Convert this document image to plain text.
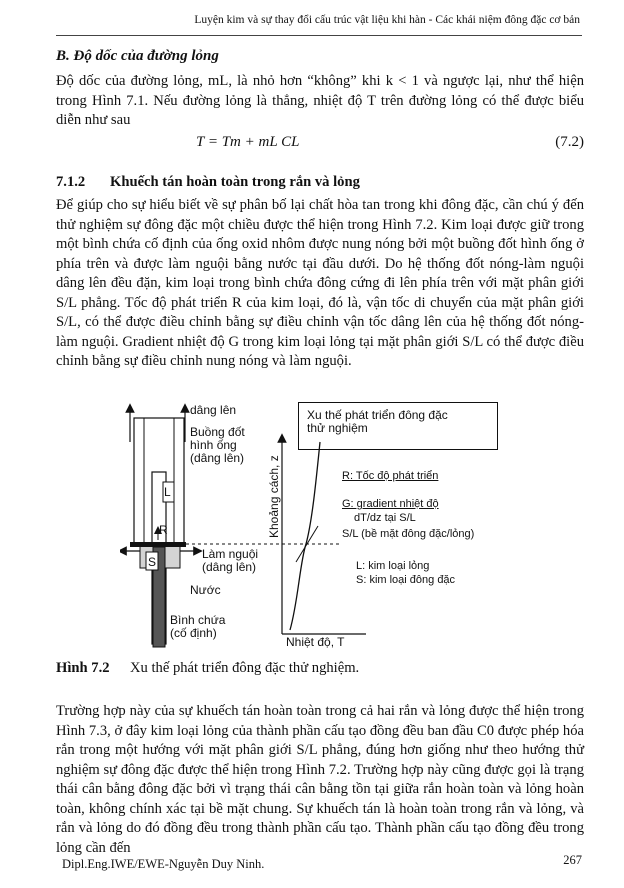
Luyện kim và sự thay đổi cấu trúc vật liệu khi hàn - Các khái niệm đông đặc cơ bản
B. Độ dốc của đường lỏng

Độ dốc của đường lỏng, mL, là nhỏ hơn “không” khi k < 1 và ngược lại, như thể hiện trong Hình 7.1. Nếu đường lỏng là thẳng, nhiệt độ T trên đường lỏng có thể được biểu diễn như sau

T = Tm + mL CL	(7.2)
7.1.2 Khuếch tán hoàn toàn trong rắn và lỏng

Để giúp cho sự hiểu biết về sự phân bố lại chất hòa tan trong khi đông đặc, cần chú ý đến thử nghiệm sự đông đặc một chiều được thể hiện trong Hình 7.2. Kim loại được giữ trong một bình chứa cố định của ống oxid nhôm được nung nóng bởi một buồng đốt hình ống ở phía trên và được làm nguội bằng nước tại đầu dưới. Do hệ thống đốt nóng-làm nguội dâng lên đều đặn, kim loại trong bình chứa đông cứng đi lên phía trên với mặt phân giới S/L phẳng. Tốc độ phát triển R của kim loại, đó là, vận tốc di chuyển của mặt phân giới S/L, có thể được điều chỉnh bằng sự điều chỉnh vận tốc dâng lên của hệ thống đốt nóng-làm nguội. Gradient nhiệt độ G trong kim loại lỏng tại mặt phân giới S/L có thể được điều chỉnh bằng sự điều chỉnh nung nóng và làm nguội.

dâng lên
Buồng đốt
hình ống
(dâng lên)
Xu thế phát triển đông đặc
thử nghiệm
L
R
S
Làm nguội
(dâng lên)
Nước
Bình chứa
(cố định)
Khoảng cách, z
Nhiệt độ, T
R: Tốc độ phát triển
G: gradient nhiệt độ
dT/dz tại S/L
S/L (bề mặt đông đặc/lỏng)
L: kim loại lỏng
S: kim loại đông đặc
Hình 7.2 Xu thế phát triển đông đặc thử nghiệm.

Trường hợp này của sự khuếch tán hoàn toàn trong cả hai rắn và lỏng được thể hiện trong Hình 7.3, ở đây kim loại lỏng của thành phần cấu tạo đồng đều ban đầu C0 được phép hóa rắn trong một hướng với mặt phân giới S/L phẳng, đúng hơn giống như theo hướng thử nghiệm sự đông đặc được thể hiện trong Hình 7.2. Trường hợp này cũng được gọi là trạng thái cân bằng đông đặc bởi vì trạng thái cân bằng tồn tại giữa rắn hoàn toàn và lỏng hoàn toàn, không chính xác tại bề mặt chung. Sự khuếch tán là hoàn toàn trong rắn và lỏng, và rắn và lỏng do đó đồng đều trong thành phần cấu tạo. Thành phần cấu tạo đồng đều trong lỏng cần đến

Dipl.Eng.IWE/EWE-Nguyễn Duy Ninh.	267
